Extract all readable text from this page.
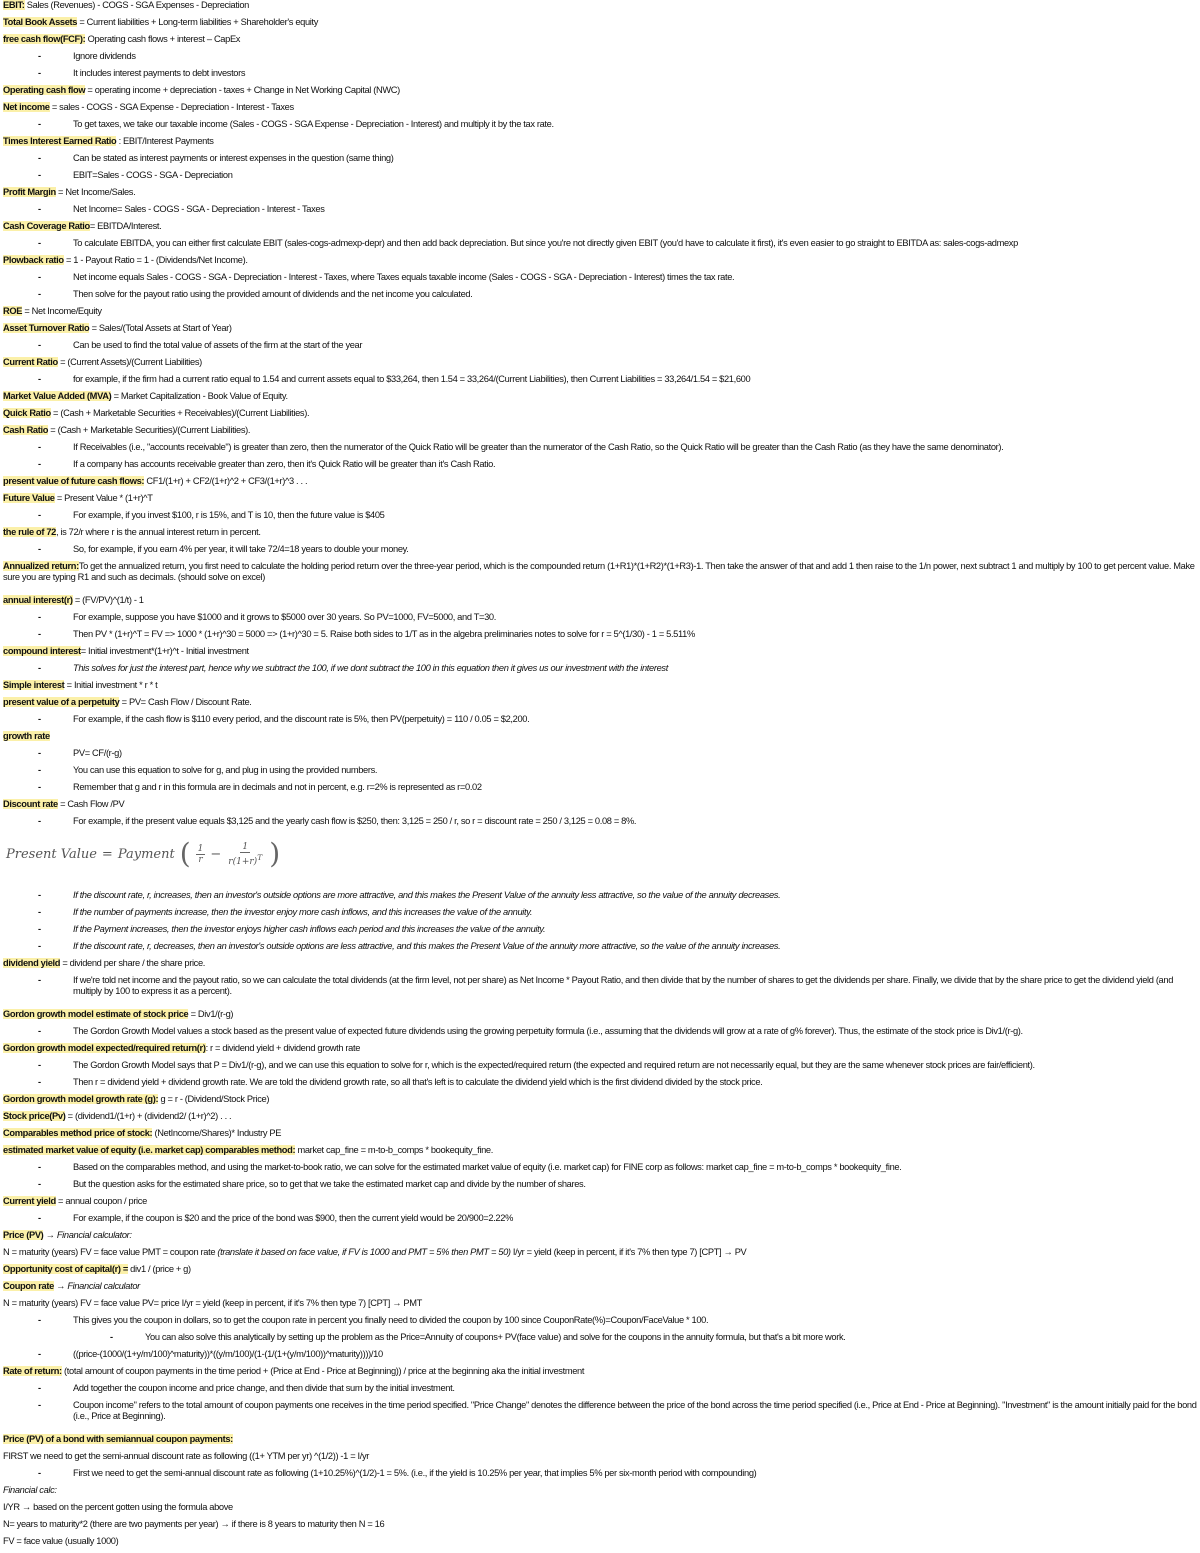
EBIT: Sales (Revenues) - COGS - SGA Expenses - Depreciation
Total Book Assets = Current liabilities + Long-term liabilities + Shareholder's equity
free cash flow(FCF): Operating cash flows + interest – CapEx
-	Ignore dividends
-	It includes interest payments to debt investors
Operating cash flow = operating income + depreciation - taxes + Change in Net Working Capital (NWC)
Net income = sales - COGS - SGA Expense - Depreciation - Interest - Taxes
-	To get taxes, we take our taxable income (Sales - COGS - SGA Expense - Depreciation - Interest) and multiply it by the tax rate.
Times Interest Earned Ratio : EBIT/Interest Payments
-	Can be stated as interest payments or interest expenses in the question (same thing)
-	EBIT=Sales - COGS - SGA - Depreciation
Profit Margin = Net Income/Sales.
-	Net Income= Sales - COGS - SGA - Depreciation - Interest - Taxes
Cash Coverage Ratio= EBITDA/Interest.
-	To calculate EBITDA, you can either first calculate EBIT (sales-cogs-admexp-depr) and then add back depreciation. But since you're not directly given EBIT (you'd have to calculate it first), it's even easier to go straight to EBITDA as: sales-cogs-admexp
Plowback ratio = 1 - Payout Ratio = 1 - (Dividends/Net Income).
-	Net income equals Sales - COGS - SGA - Depreciation - Interest - Taxes, where Taxes equals taxable income (Sales - COGS - SGA - Depreciation - Interest) times the tax rate.
-	Then solve for the payout ratio using the provided amount of dividends and the net income you calculated.
ROE = Net Income/Equity
Asset Turnover Ratio = Sales/(Total Assets at Start of Year)
-	Can be used to find the total value of assets of the firm at the start of the year
Current Ratio = (Current Assets)/(Current Liabilities)
-	for example, if the firm had a current ratio equal to 1.54 and current assets equal to $33,264, then 1.54 = 33,264/(Current Liabilities), then Current Liabilities = 33,264/1.54 = $21,600
Market Value Added (MVA) = Market Capitalization - Book Value of Equity.
Quick Ratio = (Cash + Marketable Securities + Receivables)/(Current Liabilities).
Cash Ratio = (Cash + Marketable Securities)/(Current Liabilities).
-	If Receivables (i.e., "accounts receivable") is greater than zero, then the numerator of the Quick Ratio will be greater than the numerator of the Cash Ratio, so the Quick Ratio will be greater than the Cash Ratio (as they have the same denominator).
-	If a company has accounts receivable greater than zero, then it's Quick Ratio will be greater than it's Cash Ratio.
present value of future cash flows: CF1/(1+r) + CF2/(1+r)^2 + CF3/(1+r)^3 . . .
Future Value = Present Value * (1+r)^T
-	For example, if you invest $100, r is 15%, and T is 10, then the future value is $405
the rule of 72, is 72/r where r is the annual interest return in percent.
-	So, for example, if you earn 4% per year, it will take 72/4=18 years to double your money.
Annualized return:To get the annualized return, you first need to calculate the holding period return over the three-year period, which is the compounded return (1+R1)*(1+R2)*(1+R3)-1. Then take the answer of that and add 1 then raise to the 1/n power, next subtract 1 and multiply by 100 to get percent value. Make sure you are typing R1 and such as decimals. (should solve on excel)
annual interest(r) = (FV/PV)^(1/t) - 1
-	For example, suppose you have $1000 and it grows to $5000 over 30 years. So PV=1000, FV=5000, and T=30.
-	Then PV * (1+r)^T = FV => 1000 * (1+r)^30 = 5000 => (1+r)^30 = 5. Raise both sides to 1/T as in the algebra preliminaries notes to solve for r = 5^(1/30) - 1 = 5.511%
compound interest= Initial investment*(1+r)^t - Initial investment
-	This solves for just the interest part, hence why we subtract the 100, if we dont subtract the 100 in this equation then it gives us our investment with the interest
Simple interest = Initial investment * r * t
present value of a perpetuity = PV= Cash Flow / Discount Rate.
-	For example, if the cash flow is $110 every period, and the discount rate is 5%, then PV(perpetuity) = 110 / 0.05 = $2,200.
growth rate
-	PV= CF/(r-g)
-	You can use this equation to solve for g, and plug in using the provided numbers.
-	Remember that g and r in this formula are in decimals and not in percent, e.g. r=2% is represented as r=0.02
Discount rate = Cash Flow /PV
-	For example, if the present value equals $3,125 and the yearly cash flow is $250, then: 3,125 = 250 / r, so r = discount rate = 250 / 3,125 = 0.08 = 8%.
-	If the discount rate, r, increases, then an investor's outside options are more attractive, and this makes the Present Value of the annuity less attractive, so the value of the annuity decreases.
-	If the number of payments increase, then the investor enjoy more cash inflows, and this increases the value of the annuity.
-	If the Payment increases, then the investor enjoys higher cash inflows each period and this increases the value of the annuity.
-	If the discount rate, r, decreases, then an investor's outside options are less attractive, and this makes the Present Value of the annuity more attractive, so the value of the annuity increases.
dividend yield = dividend per share / the share price.
-	If we're told net income and the payout ratio, so we can calculate the total dividends (at the firm level, not per share) as Net Income * Payout Ratio, and then divide that by the number of shares to get the dividends per share. Finally, we divide that by the share price to get the dividend yield (and multiply by 100 to express it as a percent).
Gordon growth model estimate of stock price = Div1/(r-g)
-	The Gordon Growth Model values a stock based as the present value of expected future dividends using the growing perpetuity formula (i.e., assuming that the dividends will grow at a rate of g% forever). Thus, the estimate of the stock price is Div1/(r-g).
Gordon growth model expected/required return(r): r = dividend yield + dividend growth rate
-	The Gordon Growth Model says that P = Div1/(r-g), and we can use this equation to solve for r, which is the expected/required return (the expected and required return are not necessarily equal, but they are the same whenever stock prices are fair/efficient).
-	Then r = dividend yield + dividend growth rate. We are told the dividend growth rate, so all that's left is to calculate the dividend yield which is the first dividend divided by the stock price.
Gordon growth model growth rate (g): g = r - (Dividend/Stock Price)
Stock price(Pv) = (dividend1/(1+r) + (dividend2/ (1+r)^2) . . .
Comparables method price of stock: (NetIncome/Shares)* Industry PE
estimated market value of equity (i.e. market cap) comparables method: market cap_fine = m-to-b_comps * bookequity_fine.
-	Based on the comparables method, and using the market-to-book ratio, we can solve for the estimated market value of equity (i.e. market cap) for FINE corp as follows: market cap_fine = m-to-b_comps * bookequity_fine.
-	But the question asks for the estimated share price, so to get that we take the estimated market cap and divide by the number of shares.
Current yield = annual coupon / price
-	For example, if the coupon is $20 and the price of the bond was $900, then the current yield would be 20/900=2.22%
Price (PV) → Financial calculator:
N = maturity (years) FV = face value PMT = coupon rate (translate it based on face value, if FV is 1000 and PMT = 5% then PMT = 50) I/yr = yield (keep in percent, if it's 7% then type 7) [CPT] → PV
Opportunity cost of capital(r) = div1 / (price + g)
Coupon rate → Financial calculator
N = maturity (years) FV = face value PV= price I/yr = yield (keep in percent, if it's 7% then type 7) [CPT] → PMT
-	This gives you the coupon in dollars, so to get the coupon rate in percent you finally need to divided the coupon by 100 since CouponRate(%)=Coupon/FaceValue * 100.
-	You can also solve this analytically by setting up the problem as the Price=Annuity of coupons+ PV(face value) and solve for the coupons in the annuity formula, but that's a bit more work.
-	((price-(1000/(1+y/m/100)^maturity))*((y/m/100)/(1-(1/(1+(y/m/100))^maturity))))/10
Rate of return: (total amount of coupon payments in the time period + (Price at End - Price at Beginning)) / price at the beginning aka the initial investment
-	Add together the coupon income and price change, and then divide that sum by the initial investment.
-	Coupon income" refers to the total amount of coupon payments one receives in the time period specified. "Price Change" denotes the difference between the price of the bond across the time period specified (i.e., Price at End - Price at Beginning). "Investment" is the amount initially paid for the bond (i.e., Price at Beginning).
Price (PV) of a bond with semiannual coupon payments:
FIRST we need to get the semi-annual discount rate as following ((1+ YTM per yr) ^(1/2)) -1 = I/yr
-	First we need to get the semi-annual discount rate as following (1+10.25%)^(1/2)-1 = 5%. (i.e., if the yield is 10.25% per year, that implies 5% per six-month period with compounding)
Financial calc:
I/YR → based on the percent gotten using the formula above
N= years to maturity*2 (there are two payments per year) → if there is 8 years to maturity then N = 16
FV = face value (usually 1000)
Present Value = Payment ( $\frac{1}{r} - \frac{1}{r(1+r)^T}$ )
